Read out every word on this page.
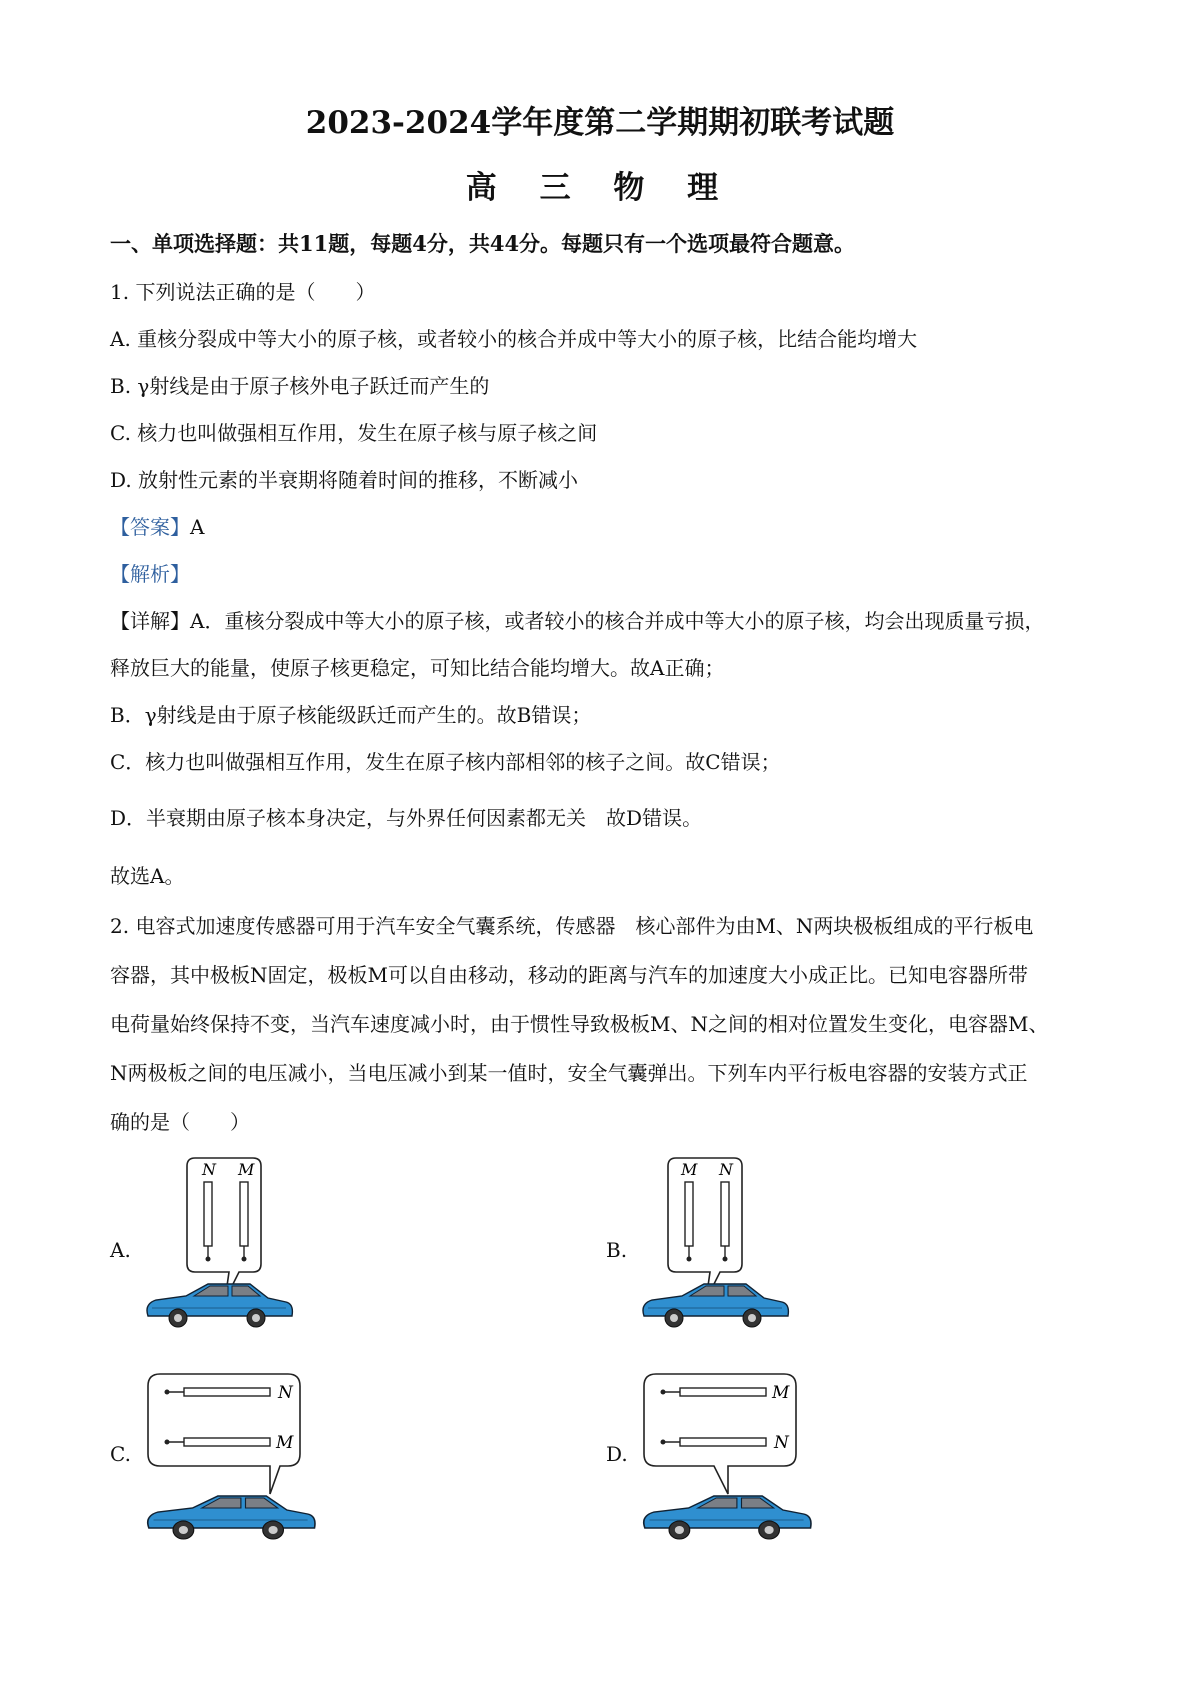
2023-2024学年度第二学期期初联考试题
高 三 物 理
一、单项选择题：共11题，每题4分，共44分。每题只有一个选项最符合题意。
1. 下列说法正确的是（　　）
A. 重核分裂成中等大小的原子核，或者较小的核合并成中等大小的原子核，比结合能均增大
B. γ射线是由于原子核外电子跃迁而产生的
C. 核力也叫做强相互作用，发生在原子核与原子核之间
D. 放射性元素的半衰期将随着时间的推移，不断减小
【答案】A
【解析】
【详解】A．重核分裂成中等大小的原子核，或者较小的核合并成中等大小的原子核，均会出现质量亏损，
释放巨大的能量，使原子核更稳定，可知比结合能均增大。故A正确；
B．γ射线是由于原子核能级跃迁而产生的。故B错误；
C．核力也叫做强相互作用，发生在原子核内部相邻的核子之间。故C错误；
D．半衰期由原子核本身决定，与外界任何因素都无关　故D错误。
故选A。
2. 电容式加速度传感器可用于汽车安全气囊系统，传感器　核心部件为由M、N两块极板组成的平行板电
容器，其中极板N固定，极板M可以自由移动，移动的距离与汽车的加速度大小成正比。已知电容器所带
电荷量始终保持不变，当汽车速度减小时，由于惯性导致极板M、N之间的相对位置发生变化，电容器M、
N两极板之间的电压减小，当电压减小到某一值时，安全气囊弹出。下列车内平行板电容器的安装方式正
确的是（　　）
A.
N M
B.
M N
C.
N
M	D.
M
N
